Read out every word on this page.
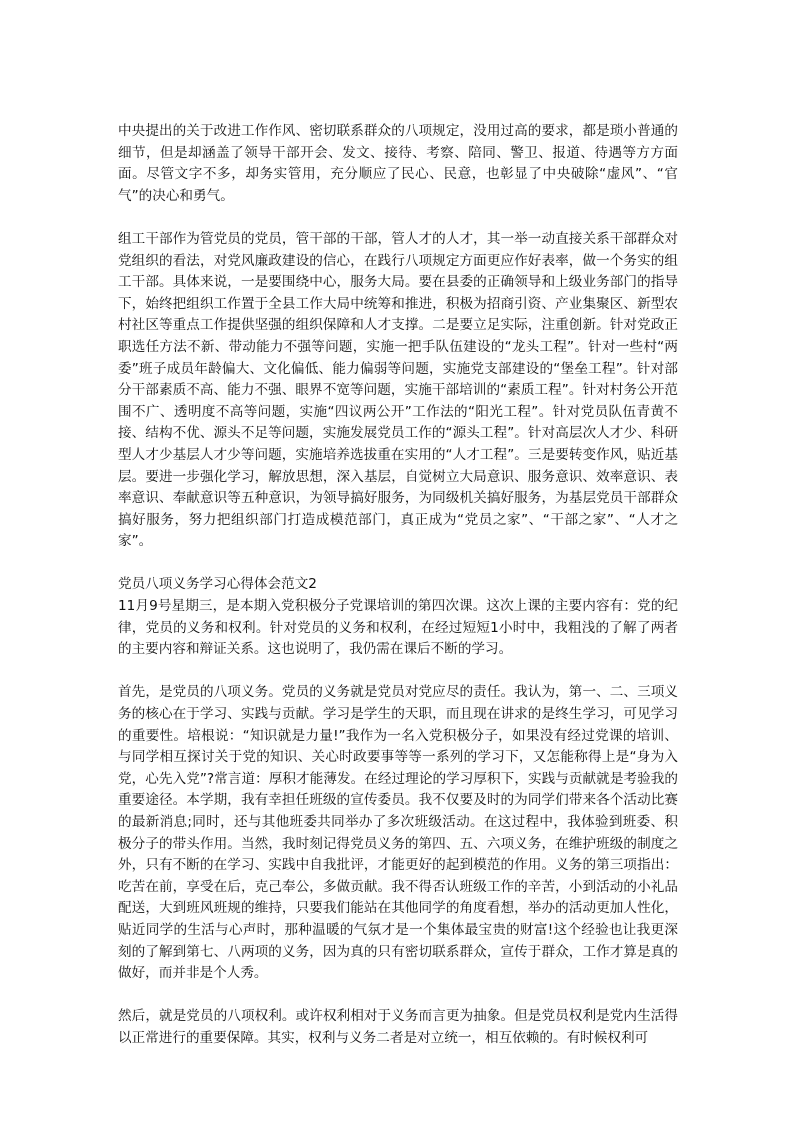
中央提出的关于改进工作作风、密切联系群众的八项规定，没用过高的要求，都是琐小普通的细节，但是却涵盖了领导干部开会、发文、接待、考察、陪同、警卫、报道、待遇等方方面面。尽管文字不多，却务实管用，充分顺应了民心、民意，也彰显了中央破除“虚风”、“官气”的决心和勇气。

组工干部作为管党员的党员，管干部的干部，管人才的人才，其一举一动直接关系干部群众对党组织的看法，对党风廉政建设的信心，在践行八项规定方面更应作好表率，做一个务实的组工干部。具体来说，一是要围绕中心，服务大局。要在县委的正确领导和上级业务部门的指导下，始终把组织工作置于全县工作大局中统筹和推进，积极为招商引资、产业集聚区、新型农村社区等重点工作提供坚强的组织保障和人才支撑。二是要立足实际，注重创新。针对党政正职选任方法不新、带动能力不强等问题，实施一把手队伍建设的“龙头工程”。针对一些村“两委”班子成员年龄偏大、文化偏低、能力偏弱等问题，实施党支部建设的“堡垒工程”。针对部分干部素质不高、能力不强、眼界不宽等问题，实施干部培训的“素质工程”。针对村务公开范围不广、透明度不高等问题，实施“四议两公开”工作法的“阳光工程”。针对党员队伍青黄不接、结构不优、源头不足等问题，实施发展党员工作的“源头工程”。针对高层次人才少、科研型人才少基层人才少等问题，实施培养选拔重在实用的“人才工程”。三是要转变作风，贴近基层。要进一步强化学习，解放思想，深入基层，自觉树立大局意识、服务意识、效率意识、表率意识、奉献意识等五种意识，为领导搞好服务，为同级机关搞好服务，为基层党员干部群众搞好服务，努力把组织部门打造成模范部门，真正成为“党员之家”、“干部之家”、“人才之家”。

党员八项义务学习心得体会范文2

11月9号星期三，是本期入党积极分子党课培训的第四次课。这次上课的主要内容有：党的纪律，党员的义务和权利。针对党员的义务和权利，在经过短短1小时中，我粗浅的了解了两者的主要内容和辩证关系。这也说明了，我仍需在课后不断的学习。

首先，是党员的八项义务。党员的义务就是党员对党应尽的责任。我认为，第一、二、三项义务的核心在于学习、实践与贡献。学习是学生的天职，而且现在讲求的是终生学习，可见学习的重要性。培根说：“知识就是力量!”我作为一名入党积极分子，如果没有经过党课的培训、与同学相互探讨关于党的知识、关心时政要事等等一系列的学习下，又怎能称得上是“身为入党，心先入党”?常言道：厚积才能薄发。在经过理论的学习厚积下，实践与贡献就是考验我的重要途径。本学期，我有幸担任班级的宣传委员。我不仅要及时的为同学们带来各个活动比赛的最新消息;同时，还与其他班委共同举办了多次班级活动。在这过程中，我体验到班委、积极分子的带头作用。当然，我时刻记得党员义务的第四、五、六项义务，在维护班级的制度之外，只有不断的在学习、实践中自我批评，才能更好的起到模范的作用。义务的第三项指出：吃苦在前，享受在后，克己奉公，多做贡献。我不得否认班级工作的辛苦，小到活动的小礼品配送，大到班风班规的维持，只要我们能站在其他同学的角度看想，举办的活动更加人性化，贴近同学的生活与心声时，那种温暖的气氛才是一个集体最宝贵的财富!这个经验也让我更深刻的了解到第七、八两项的义务，因为真的只有密切联系群众，宣传于群众，工作才算是真的做好，而并非是个人秀。

然后，就是党员的八项权利。或许权利相对于义务而言更为抽象。但是党员权利是党内生活得以正常进行的重要保障。其实，权利与义务二者是对立统一，相互依赖的。有时候权利可
